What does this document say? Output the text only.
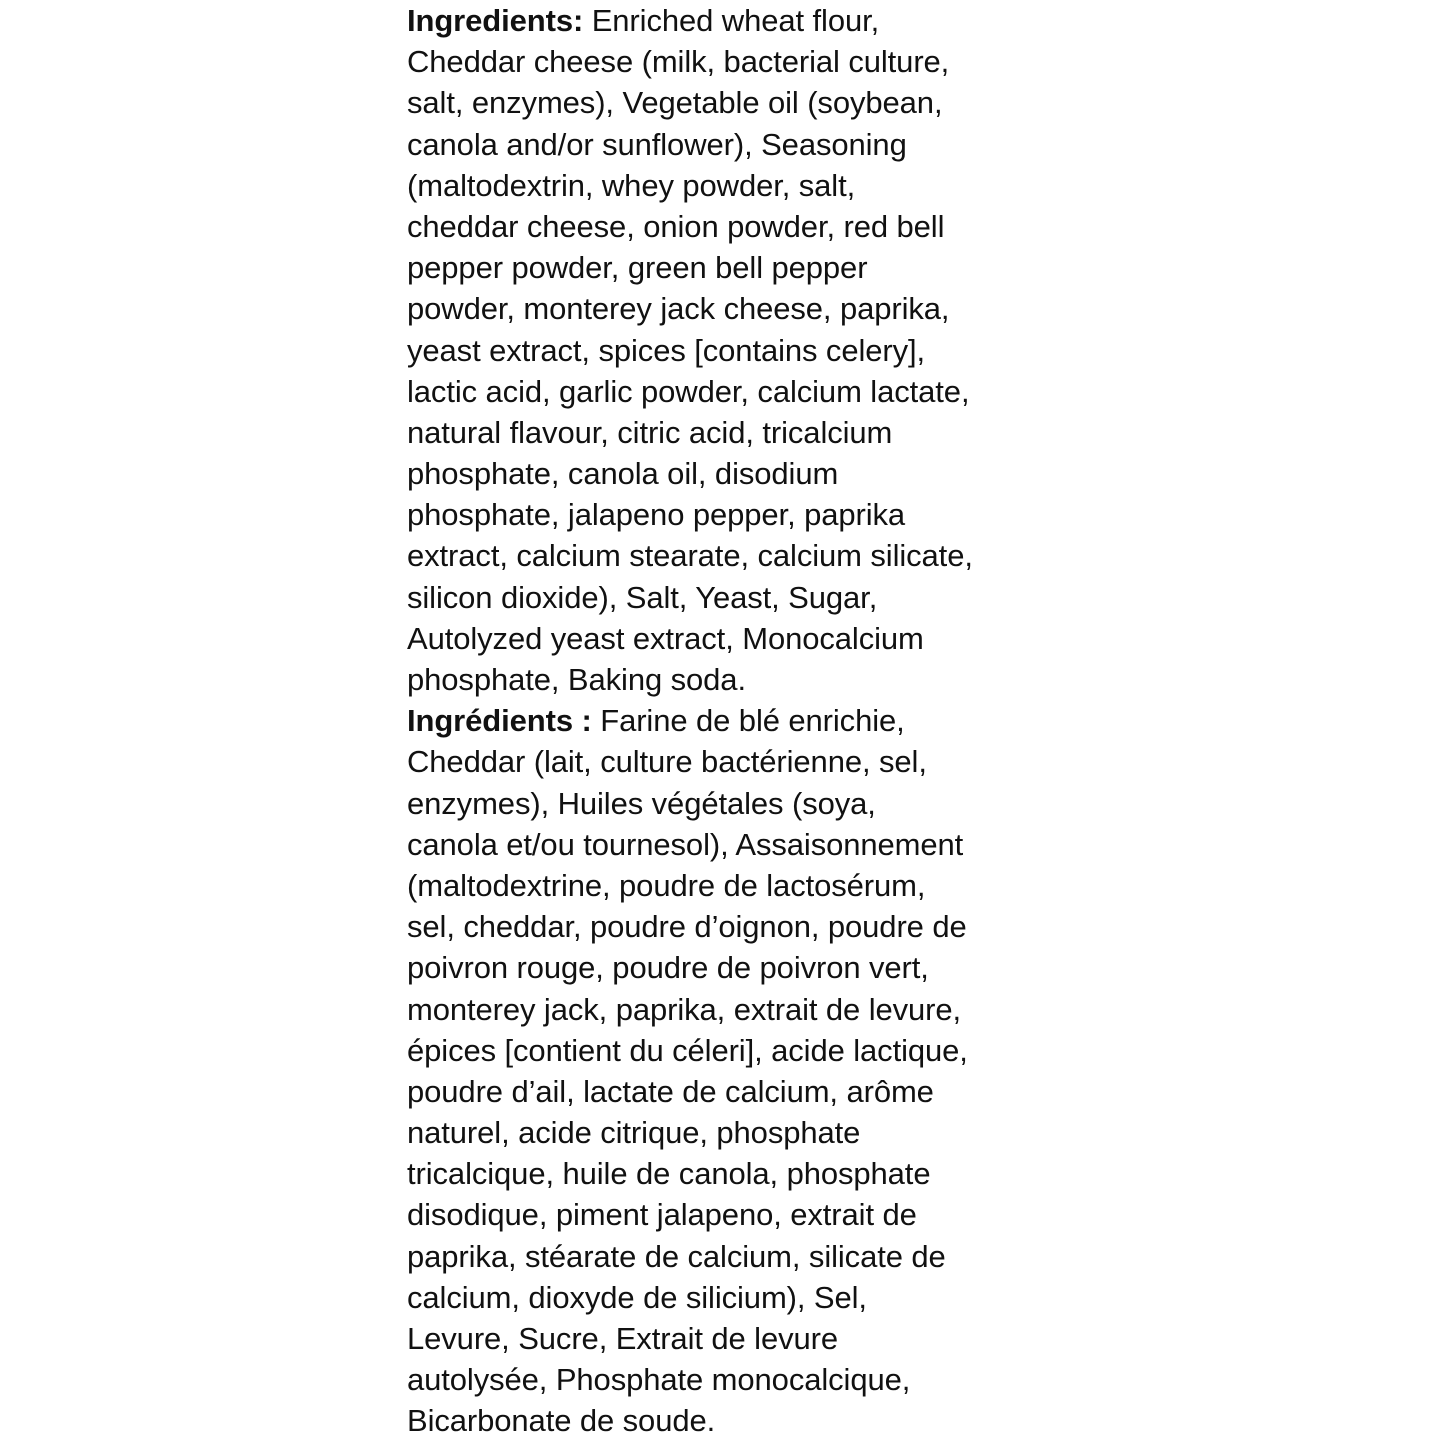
Ingredients: Enriched wheat flour,
Cheddar cheese (milk, bacterial culture,
salt, enzymes), Vegetable oil (soybean,
canola and/or sunflower), Seasoning
(maltodextrin, whey powder, salt,
cheddar cheese, onion powder, red bell
pepper powder, green bell pepper
powder, monterey jack cheese, paprika,
yeast extract, spices [contains celery],
lactic acid, garlic powder, calcium lactate,
natural flavour, citric acid, tricalcium
phosphate, canola oil, disodium
phosphate, jalapeno pepper, paprika
extract, calcium stearate, calcium silicate,
silicon dioxide), Salt, Yeast, Sugar,
Autolyzed yeast extract, Monocalcium
phosphate, Baking soda.
Ingrédients : Farine de blé enrichie,
Cheddar (lait, culture bactérienne, sel,
enzymes), Huiles végétales (soya,
canola et/ou tournesol), Assaisonnement
(maltodextrine, poudre de lactosérum,
sel, cheddar, poudre d’oignon, poudre de
poivron rouge, poudre de poivron vert,
monterey jack, paprika, extrait de levure,
épices [contient du céleri], acide lactique,
poudre d’ail, lactate de calcium, arôme
naturel, acide citrique, phosphate
tricalcique, huile de canola, phosphate
disodique, piment jalapeno, extrait de
paprika, stéarate de calcium, silicate de
calcium, dioxyde de silicium), Sel,
Levure, Sucre, Extrait de levure
autolysée, Phosphate monocalcique,
Bicarbonate de soude.
